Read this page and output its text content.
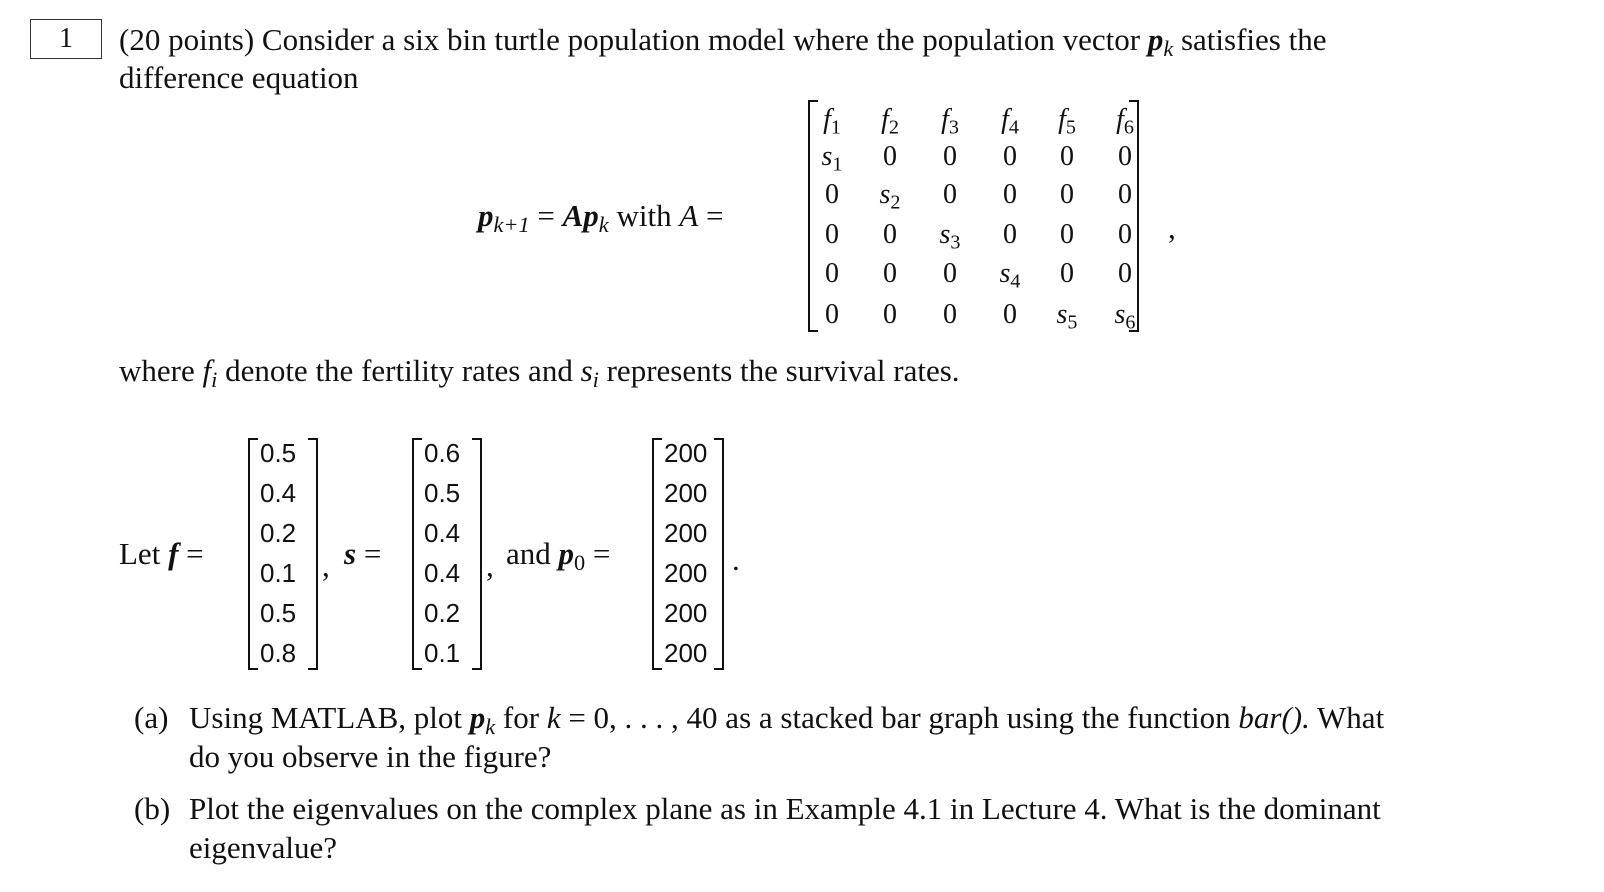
1 (20 points) Consider a six bin turtle population model where the population vector $p_k$ satisfies the
difference equation
$p_{k+1} = Ap_k$ with A =
$f_1$ $f_2$ $f_3$ $f_4$ $f_5$ $f_6$
$s_1$ 0 0 0 0 0
0 $s_2$ 0 0 0 0
0 0 $s_3$ 0 0 0
0 0 0 $s_4$ 0 0
0 0 0 0 $s_5$ $s_6$
,
where $f_i$ denote the fertility rates and $s_i$ represents the survival rates.
Let f =
0.5
0.4
0.2
0.1
0.5
0.8
, s =
0.6
0.5
0.4
0.4
0.2
0.1
, and $p_0$ =
200
200
200
200
200
200
.
(a) Using MATLAB, plot $p_k$ for k = 0, . . . , 40 as a stacked bar graph using the function bar(). What
do you observe in the figure?
(b) Plot the eigenvalues on the complex plane as in Example 4.1 in Lecture 4. What is the dominant
eigenvalue?
